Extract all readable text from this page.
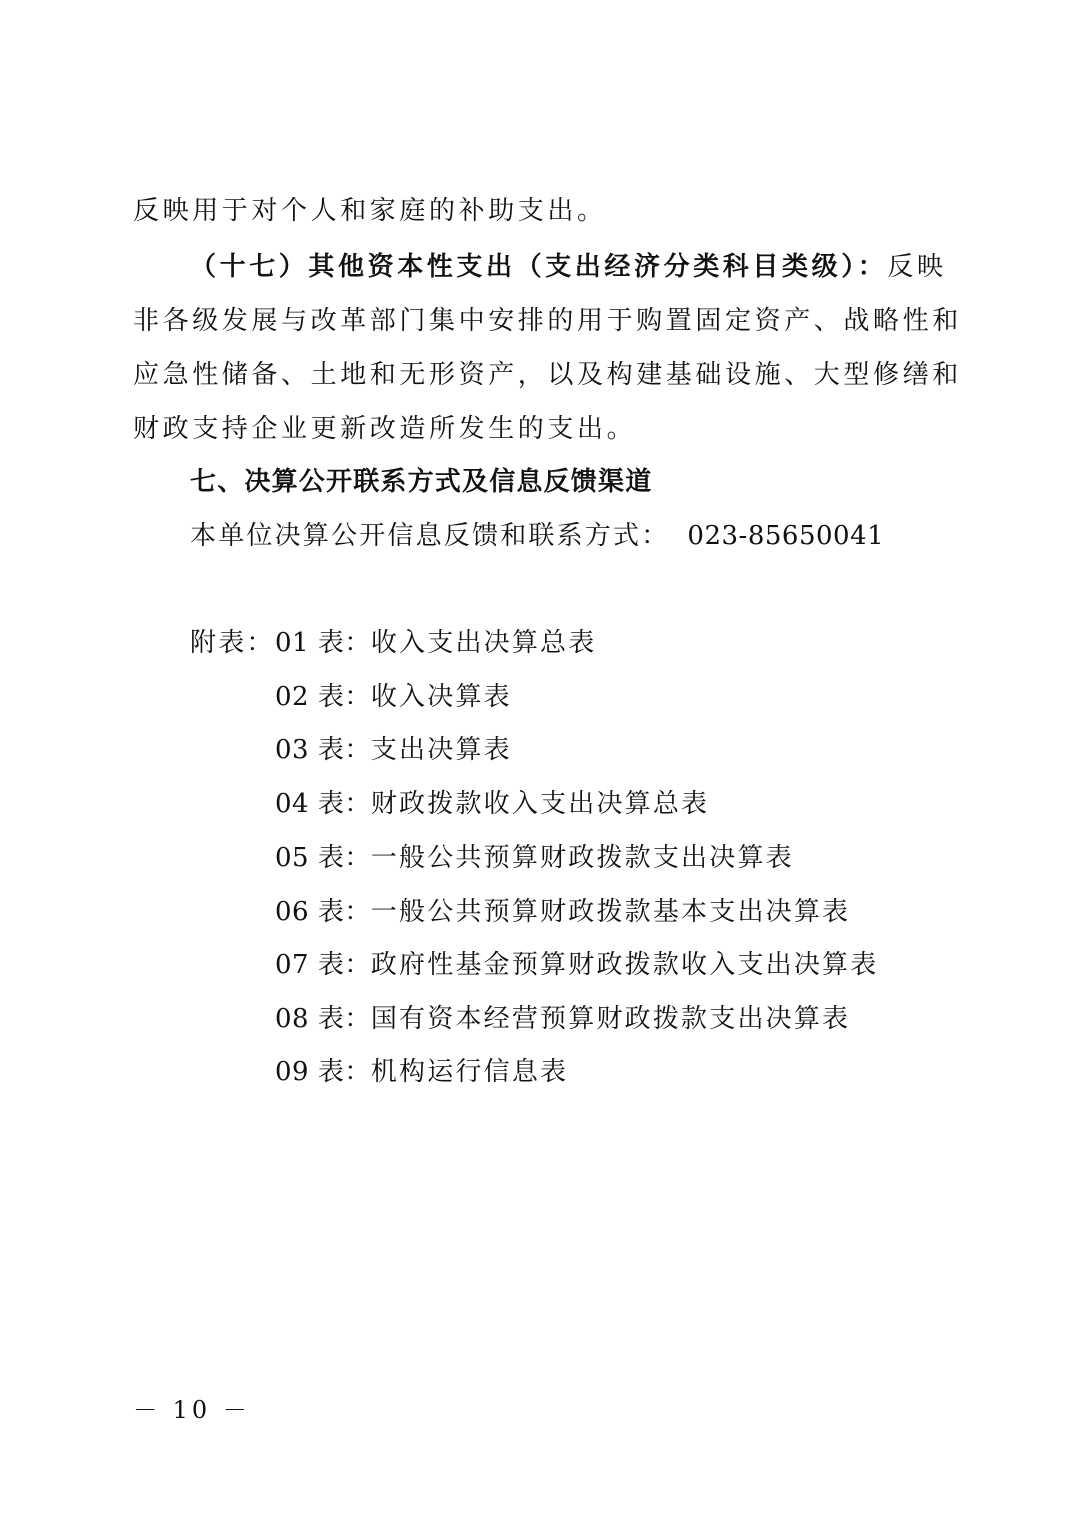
反映用于对个人和家庭的补助支出。
（十七）其他资本性支出（支出经济分类科目类级）：反映
非各级发展与改革部门集中安排的用于购置固定资产、战略性和
应急性储备、土地和无形资产，以及构建基础设施、大型修缮和
财政支持企业更新改造所发生的支出。
七、决算公开联系方式及信息反馈渠道
本单位决算公开信息反馈和联系方式： 023-85650041
附表： 01 表：收入支出决算总表
02 表：收入决算表
03 表：支出决算表
04 表：财政拨款收入支出决算总表
05 表：一般公共预算财政拨款支出决算表
06 表：一般公共预算财政拨款基本支出决算表
07 表：政府性基金预算财政拨款收入支出决算表
08 表：国有资本经营预算财政拨款支出决算表
09 表：机构运行信息表
－ 10 －
